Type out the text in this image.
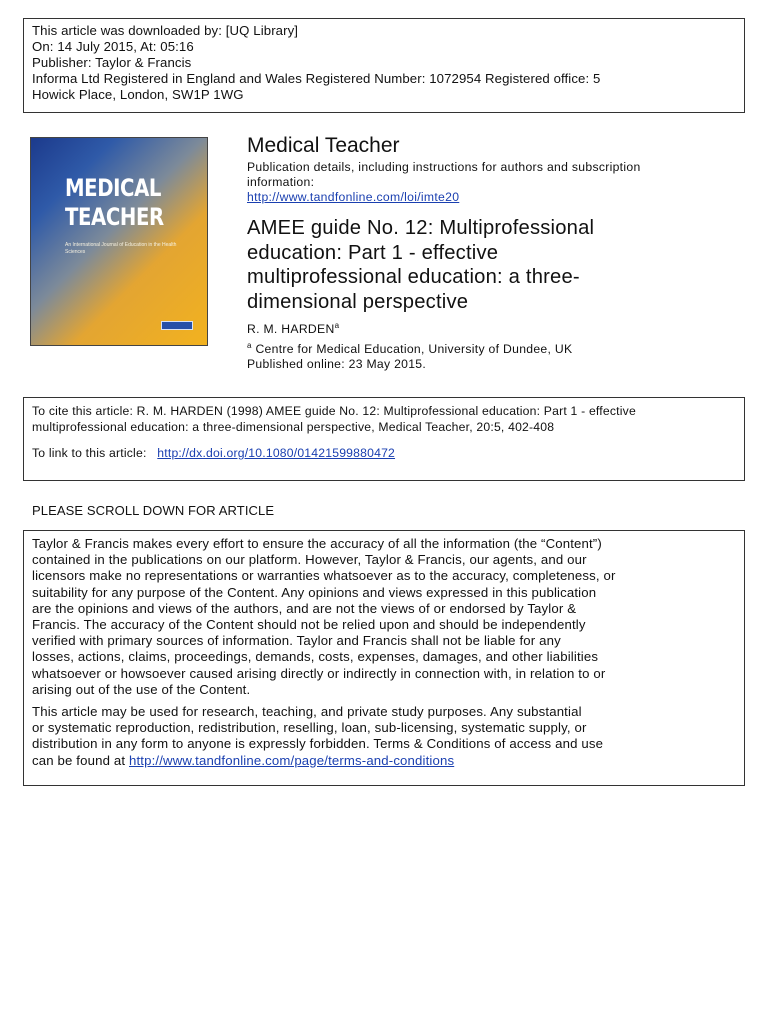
This article was downloaded by: [UQ Library]
On: 14 July 2015, At: 05:16
Publisher: Taylor & Francis
Informa Ltd Registered in England and Wales Registered Number: 1072954 Registered office: 5
Howick Place, London, SW1P 1WG
MEDICAL
TEACHER
An International Journal of Education in the Health Sciences
Medical Teacher
Publication details, including instructions for authors and subscription
information:
http://www.tandfonline.com/loi/imte20
AMEE guide No. 12: Multiprofessional
education: Part 1 - effective
multiprofessional education: a three-
dimensional perspective
R. M. HARDEN$^a$
$^a$ Centre for Medical Education, University of Dundee, UK
Published online: 23 May 2015.
To cite this article: R. M. HARDEN (1998) AMEE guide No. 12: Multiprofessional education: Part 1 - effective
multiprofessional education: a three-dimensional perspective, Medical Teacher, 20:5, 402-408
To link to this article: http://dx.doi.org/10.1080/01421599880472
PLEASE SCROLL DOWN FOR ARTICLE
Taylor & Francis makes every effort to ensure the accuracy of all the information (the “Content”)
contained in the publications on our platform. However, Taylor & Francis, our agents, and our
licensors make no representations or warranties whatsoever as to the accuracy, completeness, or
suitability for any purpose of the Content. Any opinions and views expressed in this publication
are the opinions and views of the authors, and are not the views of or endorsed by Taylor &
Francis. The accuracy of the Content should not be relied upon and should be independently
verified with primary sources of information. Taylor and Francis shall not be liable for any
losses, actions, claims, proceedings, demands, costs, expenses, damages, and other liabilities
whatsoever or howsoever caused arising directly or indirectly in connection with, in relation to or
arising out of the use of the Content.
This article may be used for research, teaching, and private study purposes. Any substantial
or systematic reproduction, redistribution, reselling, loan, sub-licensing, systematic supply, or
distribution in any form to anyone is expressly forbidden. Terms & Conditions of access and use
can be found at http://www.tandfonline.com/page/terms-and-conditions
